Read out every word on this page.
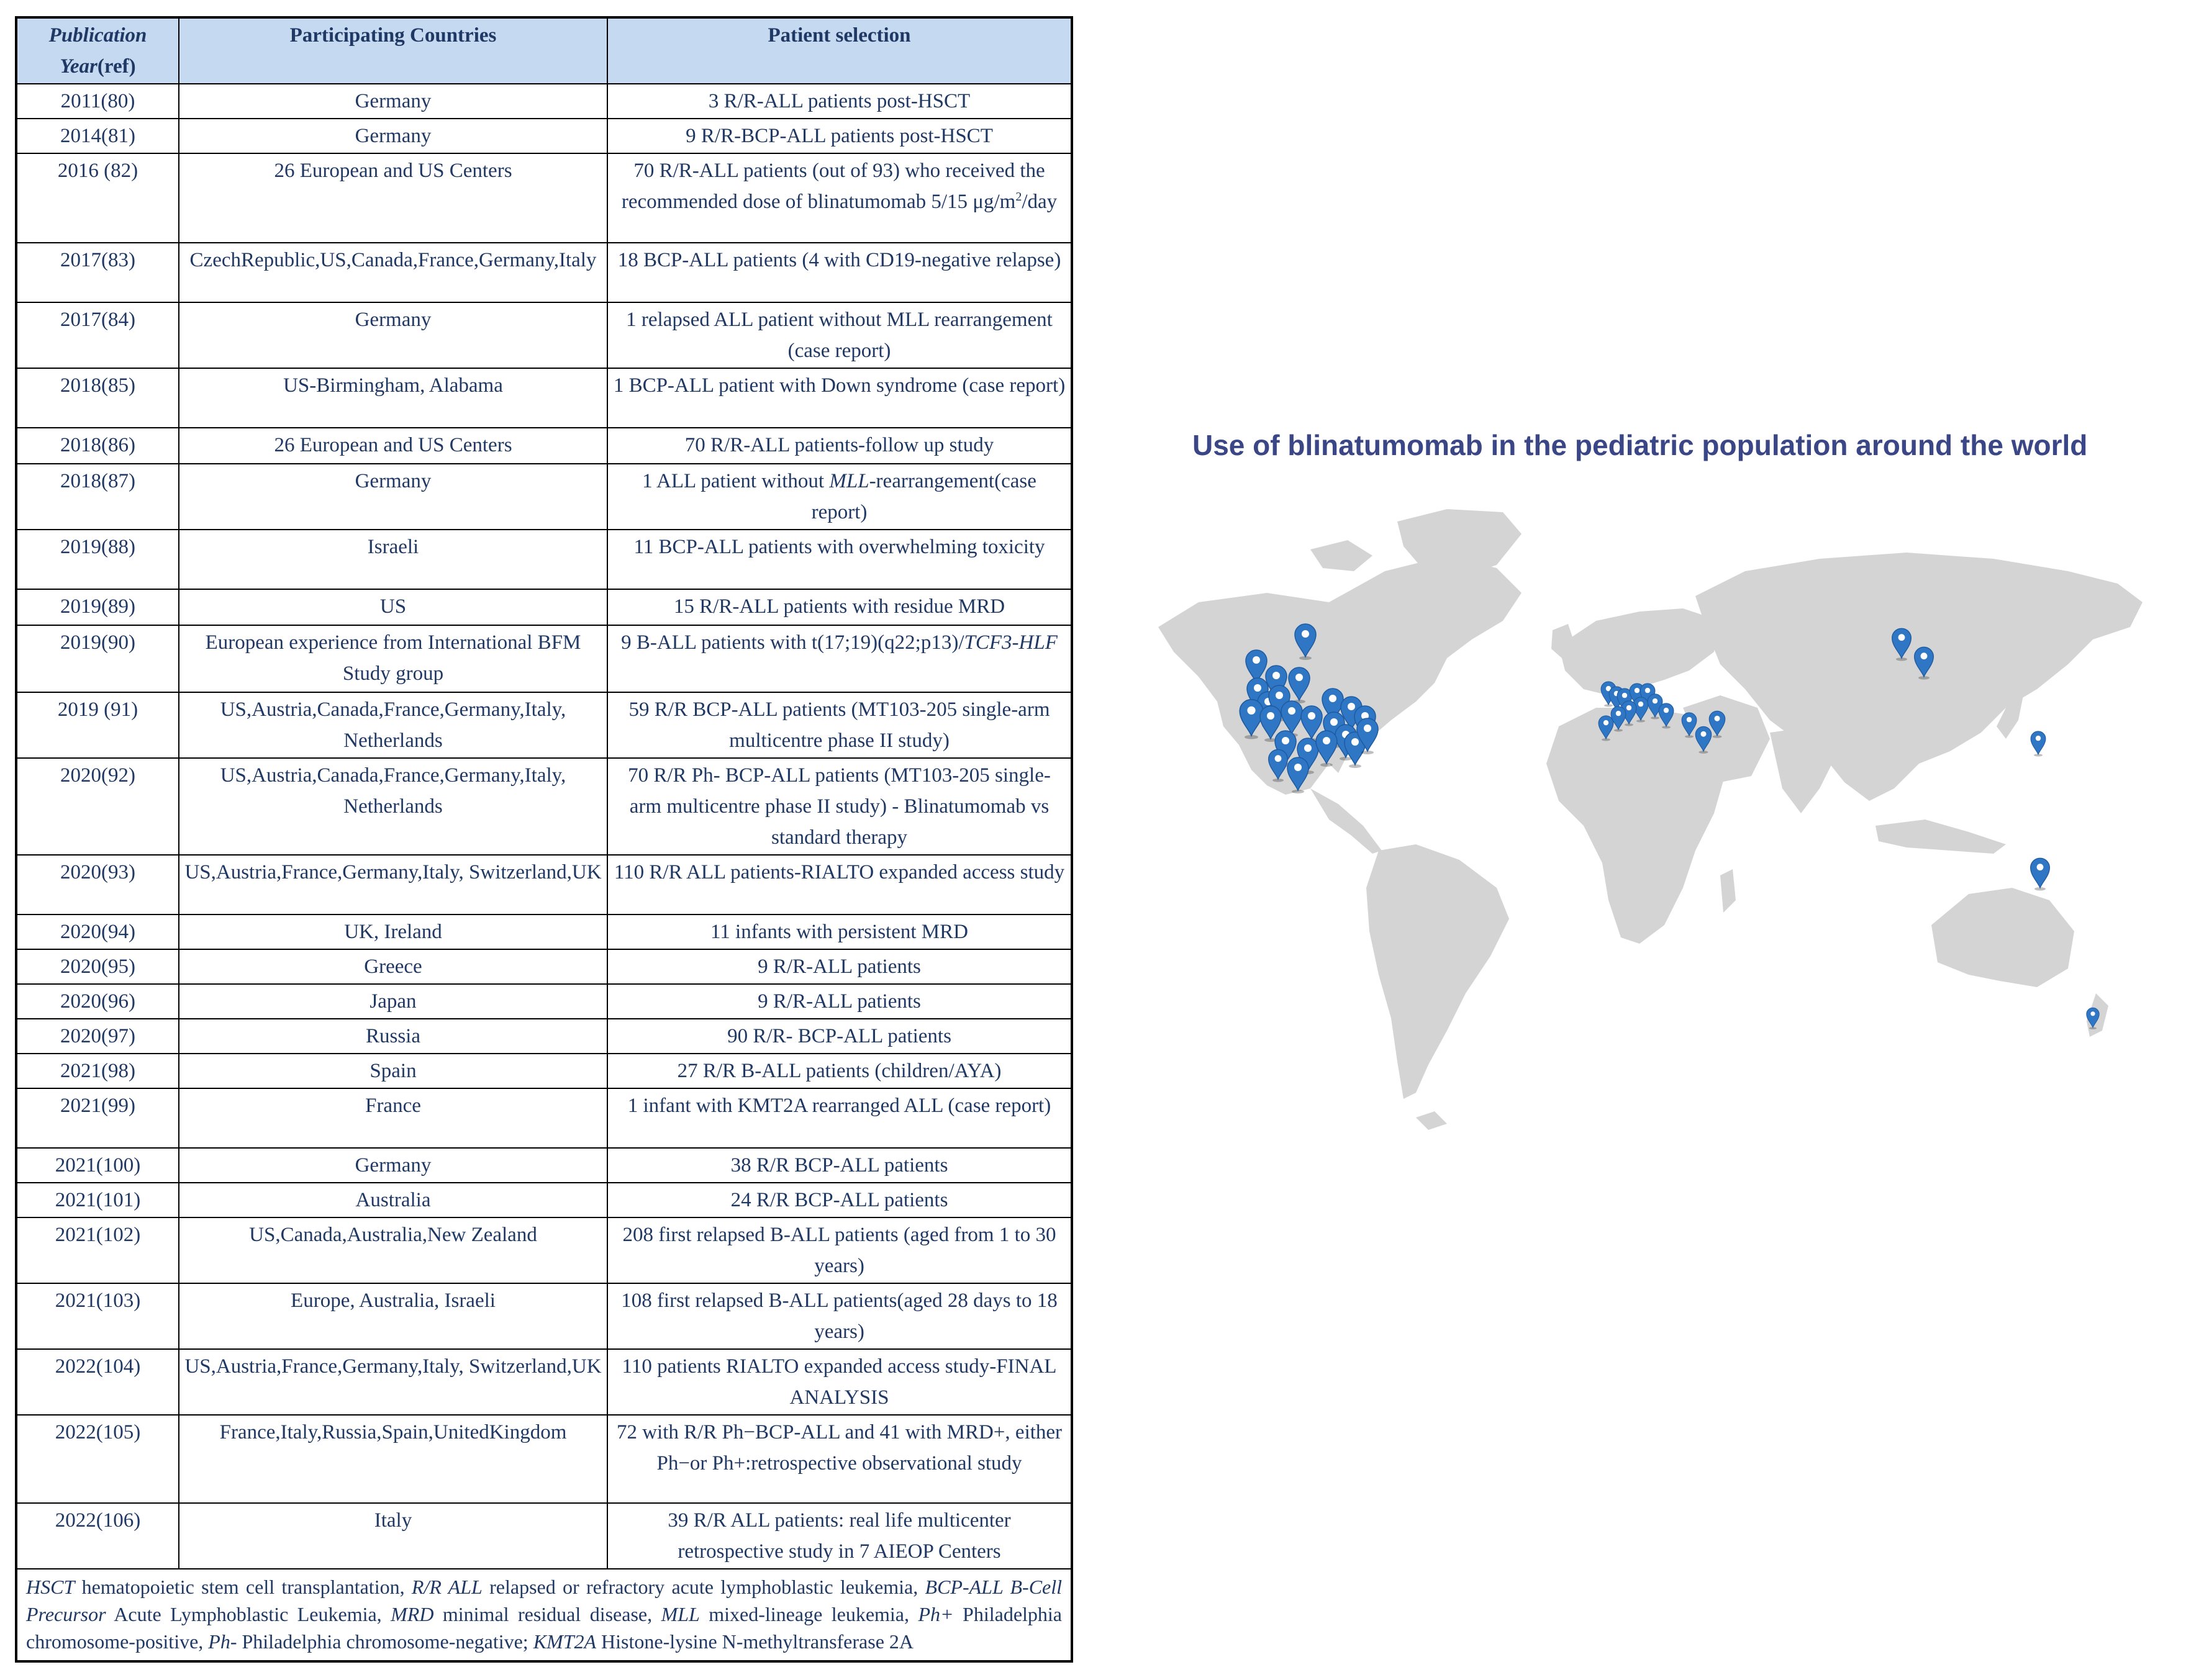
Publication Year(ref)	Participating Countries	Patient selection
2011(80)	Germany	3 R/R-ALL patients post-HSCT
2014(81)	Germany	9 R/R-BCP-ALL patients post-HSCT
2016 (82)	26 European and US Centers	70 R/R-ALL patients (out of 93) who received the recommended dose of blinatumomab 5/15 $\mu g/m^2$/day
2017(83)	CzechRepublic,US,Canada,France,Germany,Italy	18 BCP-ALL patients (4 with CD19-negative relapse)
2017(84)	Germany	1 relapsed ALL patient without MLL rearrangement (case report)
2018(85)	US-Birmingham, Alabama	1 BCP-ALL patient with Down syndrome (case report)
2018(86)	26 European and US Centers	70 R/R-ALL patients-follow up study
2018(87)	Germany	1 ALL patient without MLL-rearrangement(case report)
2019(88)	Israeli	11 BCP-ALL patients with overwhelming toxicity
2019(89)	US	15 R/R-ALL patients with residue MRD
2019(90)	European experience from International BFM Study group	9 B-ALL patients with t(17;19)(q22;p13)/TCF3-HLF
2019 (91)	US,Austria,Canada,France,Germany,Italy, Netherlands	59 R/R BCP-ALL patients (MT103-205 single-arm multicentre phase II study)
2020(92)	US,Austria,Canada,France,Germany,Italy, Netherlands	70 R/R Ph- BCP-ALL patients (MT103-205 single-arm multicentre phase II study) - Blinatumomab vs standard therapy
2020(93)	US,Austria,France,Germany,Italy, Switzerland,UK	110 R/R ALL patients-RIALTO expanded access study
2020(94)	UK, Ireland	11 infants with persistent MRD
2020(95)	Greece	9 R/R-ALL patients
2020(96)	Japan	9 R/R-ALL patients
2020(97)	Russia	90 R/R- BCP-ALL patients
2021(98)	Spain	27 R/R B-ALL patients (children/AYA)
2021(99)	France	1 infant with KMT2A rearranged ALL (case report)
2021(100)	Germany	38 R/R BCP-ALL patients
2021(101)	Australia	24 R/R BCP-ALL patients
2021(102)	US,Canada,Australia,New Zealand	208 first relapsed B-ALL patients (aged from 1 to 30 years)
2021(103)	Europe, Australia, Israeli	108 first relapsed B-ALL patients(aged 28 days to 18 years)
2022(104)	US,Austria,France,Germany,Italy, Switzerland,UK	110 patients RIALTO expanded access study-FINAL ANALYSIS
2022(105)	France,Italy,Russia,Spain,UnitedKingdom	72 with R/R Ph−BCP-ALL and 41 with MRD+, either Ph−or Ph+:retrospective observational study
2022(106)	Italy	39 R/R ALL patients: real life multicenter retrospective study in 7 AIEOP Centers
HSCT hematopoietic stem cell transplantation, R/R ALL relapsed or refractory acute lymphoblastic leukemia, BCP-ALL B-Cell Precursor Acute Lymphoblastic Leukemia, MRD minimal residual disease, MLL mixed-lineage leukemia, Ph+ Philadelphia chromosome-positive, Ph- Philadelphia chromosome-negative; KMT2A Histone-lysine N-methyltransferase 2A		
Use of blinatumomab in the pediatric population around the world
